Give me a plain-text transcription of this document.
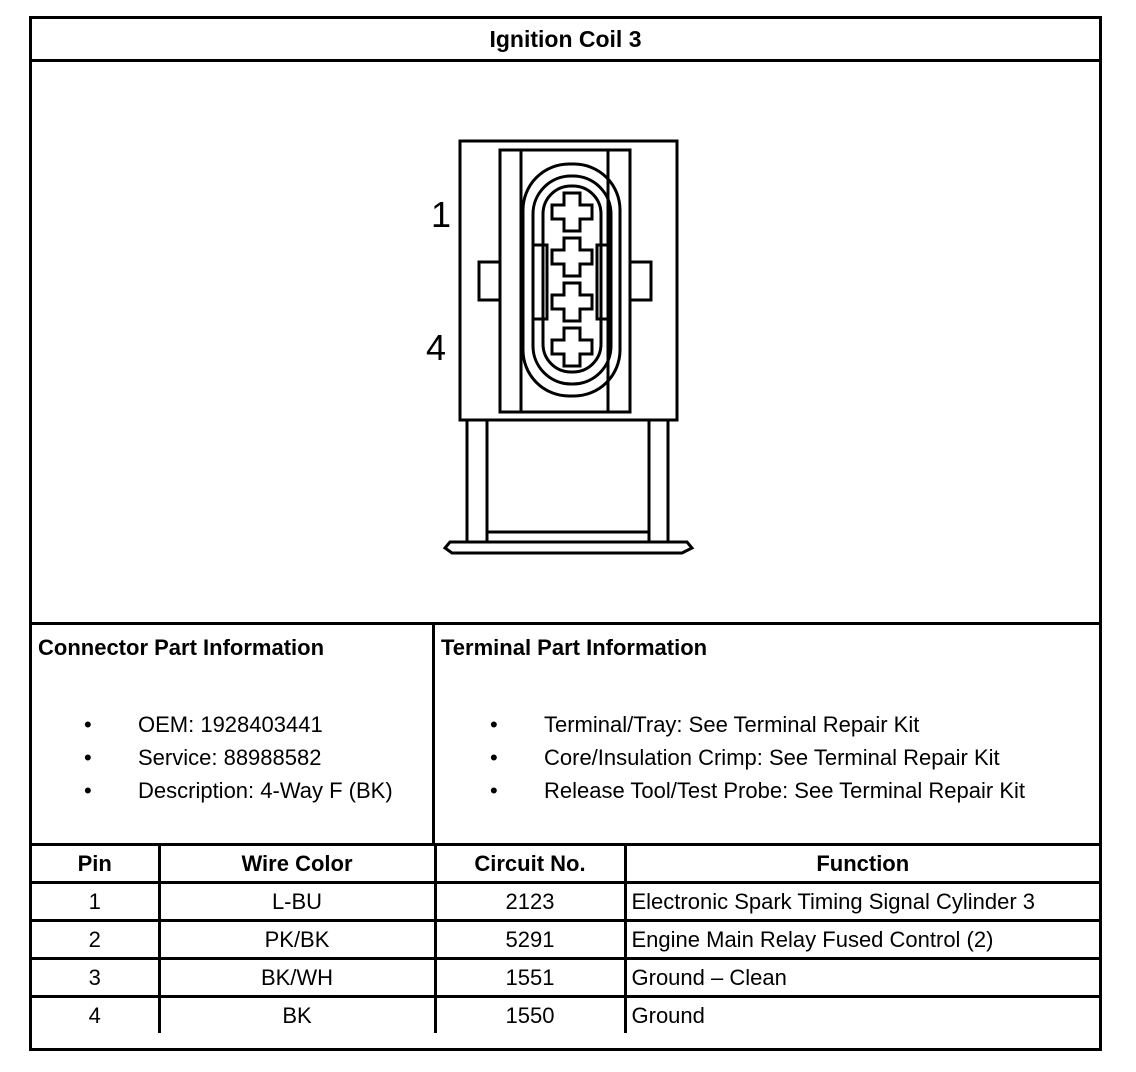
Ignition Coil 3
1
4
Connector Part Information
• OEM: 1928403441
• Service: 88988582
• Description: 4-Way F (BK)
Terminal Part Information
• Terminal/Tray: See Terminal Repair Kit
• Core/Insulation Crimp: See Terminal Repair Kit
• Release Tool/Test Probe: See Terminal Repair Kit
Pin	Wire Color	Circuit No.	Function
1	L-BU	2123	Electronic Spark Timing Signal Cylinder 3
2	PK/BK	5291	Engine Main Relay Fused Control (2)
3	BK/WH	1551	Ground – Clean
4	BK	1550	Ground
